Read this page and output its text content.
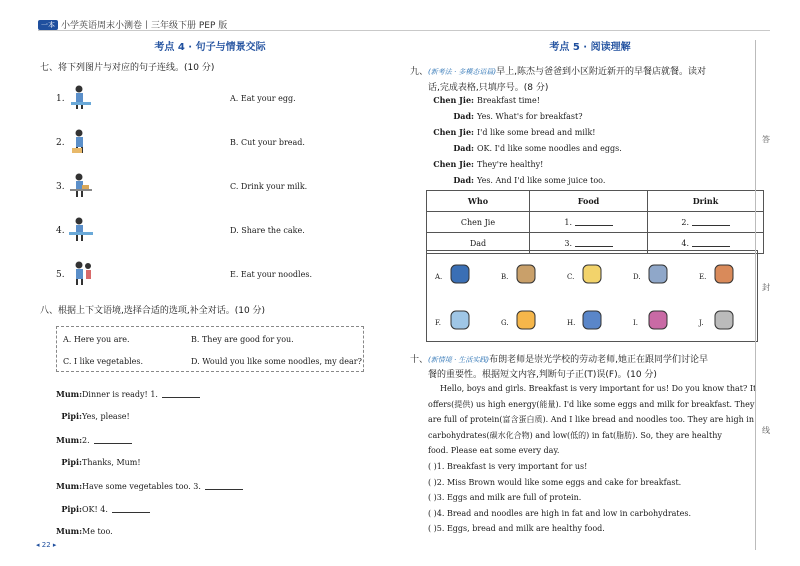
一本 小学英语周末小测卷丨三年级下册 PEP 版
考点 4 · 句子与情景交际
七、将下列图片与对应的句子连线。(10 分)
1.	A. Eat your egg.
2.	B. Cut your bread.
3.	C. Drink your milk.
4.	D. Share the cake.
5.	E. Eat your noodles.
八、根据上下文语境,选择合适的选项,补全对话。(10 分)
A. Here you are.	B. They are good for you.
C. I like vegetables.	D. Would you like some noodles, my dear?
Mum:Dinner is ready! 1.
Pipi:Yes, please!
Mum:2.
Pipi:Thanks, Mum!
Mum:Have some vegetables too. 3.
Pipi:OK! 4.
Mum:Me too.
◂ 22 ▸
考点 5 · 阅读理解
九、(新考法 · 多模态语篇)早上,陈杰与爸爸到小区附近新开的早餐店就餐。读对
话,完成表格,只填序号。(8 分)
Chen Jie: Breakfast time!
Dad: Yes. What's for breakfast?
Chen Jie: I'd like some bread and milk!
Dad: OK. I'd like some noodles and eggs.
Chen Jie: They're healthy!
Dad: Yes. And I'd like some juice too.
Who	Food	Drink
Chen Jie	1.	2.
Dad	3.	4.
A.	B.	C.	D.	E.
F.	G.	H.	I.	J.
十、(新情境 · 生活实践)布朗老师是崇光学校的劳动老师,她正在跟同学们讨论早
餐的重要性。根据短文内容,判断句子正(T)误(F)。(10 分)
Hello, boys and girls. Breakfast is very important for us! Do you know that? It
offers(提供) us high energy(能量). I'd like some eggs and milk for breakfast. They
are full of protein(富含蛋白质). And I like bread and noodles too. They are high in
carbohydrates(碳水化合物) and low(低的) in fat(脂肪). So, they are healthy
food. Please eat some every day.
( )1. Breakfast is very important for us!
( )2. Miss Brown would like some eggs and cake for breakfast.
( )3. Eggs and milk are full of protein.
( )4. Bread and noodles are high in fat and low in carbohydrates.
( )5. Eggs, bread and milk are healthy food.
答
封
线
